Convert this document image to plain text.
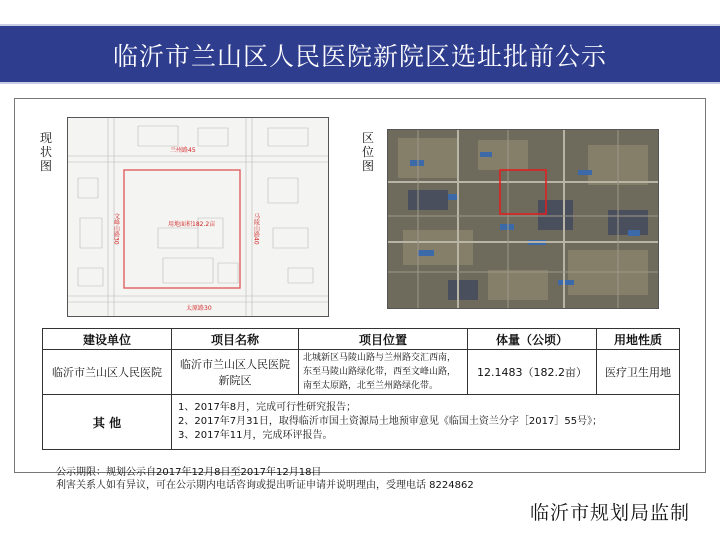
临沂市兰山区人民医院新院区选址批前公示
现状图
兰州路45
用地面积182.2亩
太原路30
文峰山路30	马陵山路40
区位图
建设单位	项目名称	项目位置	体量（公顷）	用地性质
临沂市兰山区人民医院	临沂市兰山区人民医院新院区	北城新区马陵山路与兰州路交汇西南，东至马陵山路绿化带，西至文峰山路，南至太原路，北至兰州路绿化带。	12.1483（182.2亩）	医疗卫生用地
其 他	1、2017年8月，完成可行性研究报告；
2、2017年7月31日，取得临沂市国土资源局土地预审意见《临国土资兰分字［2017］55号》；
3、2017年11月，完成环评报告。			
公示期限：规划公示自2017年12月8日至2017年12月18日
利害关系人如有异议，可在公示期内电话咨询或提出听证申请并说明理由，受理电话 8224862
临沂市规划局监制
